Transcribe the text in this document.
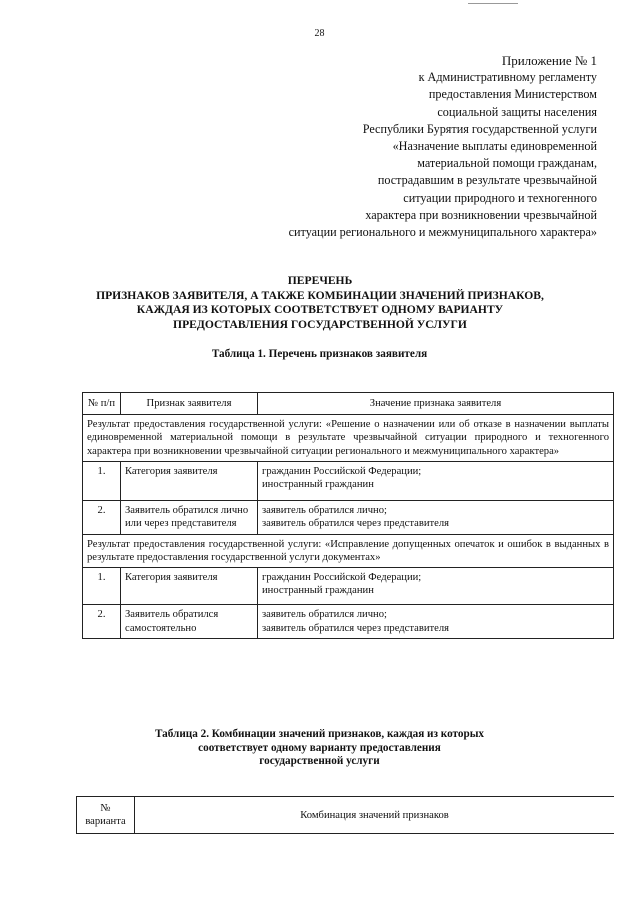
28
Приложение № 1
к Административному регламенту
предоставления Министерством
социальной защиты населения
Республики Бурятия государственной услуги
«Назначение выплаты единовременной
материальной помощи гражданам,
пострадавшим в результате чрезвычайной
ситуации природного и техногенного
характера при возникновении чрезвычайной
ситуации регионального и межмуниципального характера»
ПЕРЕЧЕНЬ
ПРИЗНАКОВ ЗАЯВИТЕЛЯ, А ТАКЖЕ КОМБИНАЦИИ ЗНАЧЕНИЙ ПРИЗНАКОВ,
КАЖДАЯ ИЗ КОТОРЫХ СООТВЕТСТВУЕТ ОДНОМУ ВАРИАНТУ
ПРЕДОСТАВЛЕНИЯ ГОСУДАРСТВЕННОЙ УСЛУГИ
Таблица 1. Перечень признаков заявителя
№ п/п	Признак заявителя	Значение признака заявителя
Результат предоставления государственной услуги: «Решение о назначении или об отказе в назначении выплаты единовременной материальной помощи в результате чрезвычайной ситуации природного и техногенного характера при возникновении чрезвычайной ситуации регионального и межмуниципального характера»		
1.	Категория заявителя	гражданин Российской Федерации;
иностранный гражданин

2.	Заявитель обратился лично или через представителя	заявитель обратился лично;
заявитель обратился через представителя

Результат предоставления государственной услуги: «Исправление допущенных опечаток и ошибок в выданных в результате предоставления государственной услуги документах»		
1.	Категория заявителя	гражданин Российской Федерации;
иностранный гражданин

2.	Заявитель обратился самостоятельно	заявитель обратился лично;
заявитель обратился через представителя
Таблица 2. Комбинации значений признаков, каждая из которых
соответствует одному варианту предоставления
государственной услуги
№ варианта	Комбинация значений признаков
